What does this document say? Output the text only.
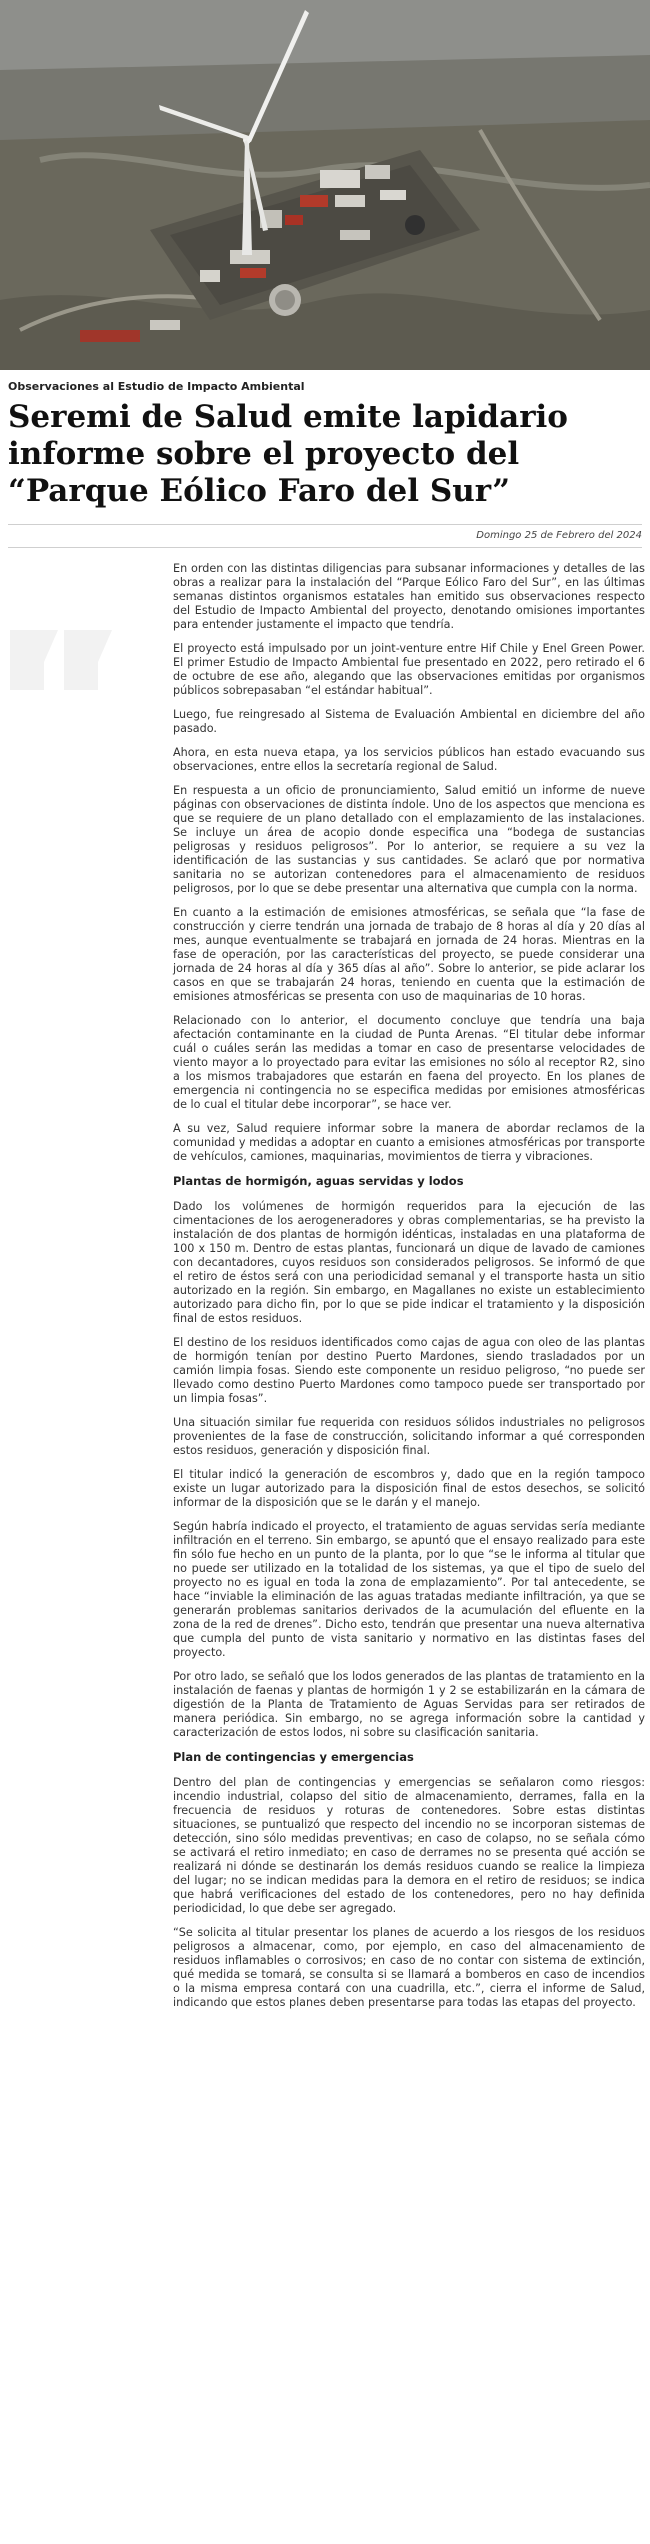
Observaciones al Estudio de Impacto Ambiental
Seremi de Salud emite lapidario informe sobre el proyecto del “Parque Eólico Faro del Sur”
Domingo 25 de Febrero del 2024

En orden con las distintas diligencias para subsanar informaciones y detalles de las obras a realizar para la instalación del “Parque Eólico Faro del Sur”, en las últimas semanas distintos organismos estatales han emitido sus observaciones respecto del Estudio de Impacto Ambiental del proyecto, denotando omisiones importantes para entender justamente el impacto que tendría.

El proyecto está impulsado por un joint-venture entre Hif Chile y Enel Green Power. El primer Estudio de Impacto Ambiental fue presentado en 2022, pero retirado el 6 de octubre de ese año, alegando que las observaciones emitidas por organismos públicos sobrepasaban “el estándar habitual”.

Luego, fue reingresado al Sistema de Evaluación Ambiental en diciembre del año pasado.

Ahora, en esta nueva etapa, ya los servicios públicos han estado evacuando sus observaciones, entre ellos la secretaría regional de Salud.

En respuesta a un oficio de pronunciamiento, Salud emitió un informe de nueve páginas con observaciones de distinta índole. Uno de los aspectos que menciona es que se requiere de un plano detallado con el emplazamiento de las instalaciones. Se incluye un área de acopio donde especifica una “bodega de sustancias peligrosas y residuos peligrosos”. Por lo anterior, se requiere a su vez la identificación de las sustancias y sus cantidades. Se aclaró que por normativa sanitaria no se autorizan contenedores para el almacenamiento de residuos peligrosos, por lo que se debe presentar una alternativa que cumpla con la norma.

En cuanto a la estimación de emisiones atmosféricas, se señala que “la fase de construcción y cierre tendrán una jornada de trabajo de 8 horas al día y 20 días al mes, aunque eventualmente se trabajará en jornada de 24 horas. Mientras en la fase de operación, por las características del proyecto, se puede considerar una jornada de 24 horas al día y 365 días al año”. Sobre lo anterior, se pide aclarar los casos en que se trabajarán 24 horas, teniendo en cuenta que la estimación de emisiones atmosféricas se presenta con uso de maquinarias de 10 horas.

Relacionado con lo anterior, el documento concluye que tendría una baja afectación contaminante en la ciudad de Punta Arenas. “El titular debe informar cuál o cuáles serán las medidas a tomar en caso de presentarse velocidades de viento mayor a lo proyectado para evitar las emisiones no sólo al receptor R2, sino a los mismos trabajadores que estarán en faena del proyecto. En los planes de emergencia ni contingencia no se especifica medidas por emisiones atmosféricas de lo cual el titular debe incorporar”, se hace ver.

A su vez, Salud requiere informar sobre la manera de abordar reclamos de la comunidad y medidas a adoptar en cuanto a emisiones atmosféricas por transporte de vehículos, camiones, maquinarias, movimientos de tierra y vibraciones.

Plantas de hormigón, aguas servidas y lodos

Dado los volúmenes de hormigón requeridos para la ejecución de las cimentaciones de los aerogeneradores y obras complementarias, se ha previsto la instalación de dos plantas de hormigón idénticas, instaladas en una plataforma de 100 x 150 m. Dentro de estas plantas, funcionará un dique de lavado de camiones con decantadores, cuyos residuos son considerados peligrosos. Se informó de que el retiro de éstos será con una periodicidad semanal y el transporte hasta un sitio autorizado en la región. Sin embargo, en Magallanes no existe un establecimiento autorizado para dicho fin, por lo que se pide indicar el tratamiento y la disposición final de estos residuos.

El destino de los residuos identificados como cajas de agua con oleo de las plantas de hormigón tenían por destino Puerto Mardones, siendo trasladados por un camión limpia fosas. Siendo este componente un residuo peligroso, “no puede ser llevado como destino Puerto Mardones como tampoco puede ser transportado por un limpia fosas”.

Una situación similar fue requerida con residuos sólidos industriales no peligrosos provenientes de la fase de construcción, solicitando informar a qué corresponden estos residuos, generación y disposición final.

El titular indicó la generación de escombros y, dado que en la región tampoco existe un lugar autorizado para la disposición final de estos desechos, se solicitó informar de la disposición que se le darán y el manejo.

Según habría indicado el proyecto, el tratamiento de aguas servidas sería mediante infiltración en el terreno. Sin embargo, se apuntó que el ensayo realizado para este fin sólo fue hecho en un punto de la planta, por lo que “se le informa al titular que no puede ser utilizado en la totalidad de los sistemas, ya que el tipo de suelo del proyecto no es igual en toda la zona de emplazamiento”. Por tal antecedente, se hace “inviable la eliminación de las aguas tratadas mediante infiltración, ya que se generarán problemas sanitarios derivados de la acumulación del efluente en la zona de la red de drenes”. Dicho esto, tendrán que presentar una nueva alternativa que cumpla del punto de vista sanitario y normativo en las distintas fases del proyecto.

Por otro lado, se señaló que los lodos generados de las plantas de tratamiento en la instalación de faenas y plantas de hormigón 1 y 2 se estabilizarán en la cámara de digestión de la Planta de Tratamiento de Aguas Servidas para ser retirados de manera periódica. Sin embargo, no se agrega información sobre la cantidad y caracterización de estos lodos, ni sobre su clasificación sanitaria.

Plan de contingencias y emergencias

Dentro del plan de contingencias y emergencias se señalaron como riesgos: incendio industrial, colapso del sitio de almacenamiento, derrames, falla en la frecuencia de residuos y roturas de contenedores. Sobre estas distintas situaciones, se puntualizó que respecto del incendio no se incorporan sistemas de detección, sino sólo medidas preventivas; en caso de colapso, no se señala cómo se activará el retiro inmediato; en caso de derrames no se presenta qué acción se realizará ni dónde se destinarán los demás residuos cuando se realice la limpieza del lugar; no se indican medidas para la demora en el retiro de residuos; se indica que habrá verificaciones del estado de los contenedores, pero no hay definida periodicidad, lo que debe ser agregado.

“Se solicita al titular presentar los planes de acuerdo a los riesgos de los residuos peligrosos a almacenar, como, por ejemplo, en caso del almacenamiento de residuos inflamables o corrosivos; en caso de no contar con sistema de extinción, qué medida se tomará, se consulta si se llamará a bomberos en caso de incendios o la misma empresa contará con una cuadrilla, etc.”, cierra el informe de Salud, indicando que estos planes deben presentarse para todas las etapas del proyecto.
